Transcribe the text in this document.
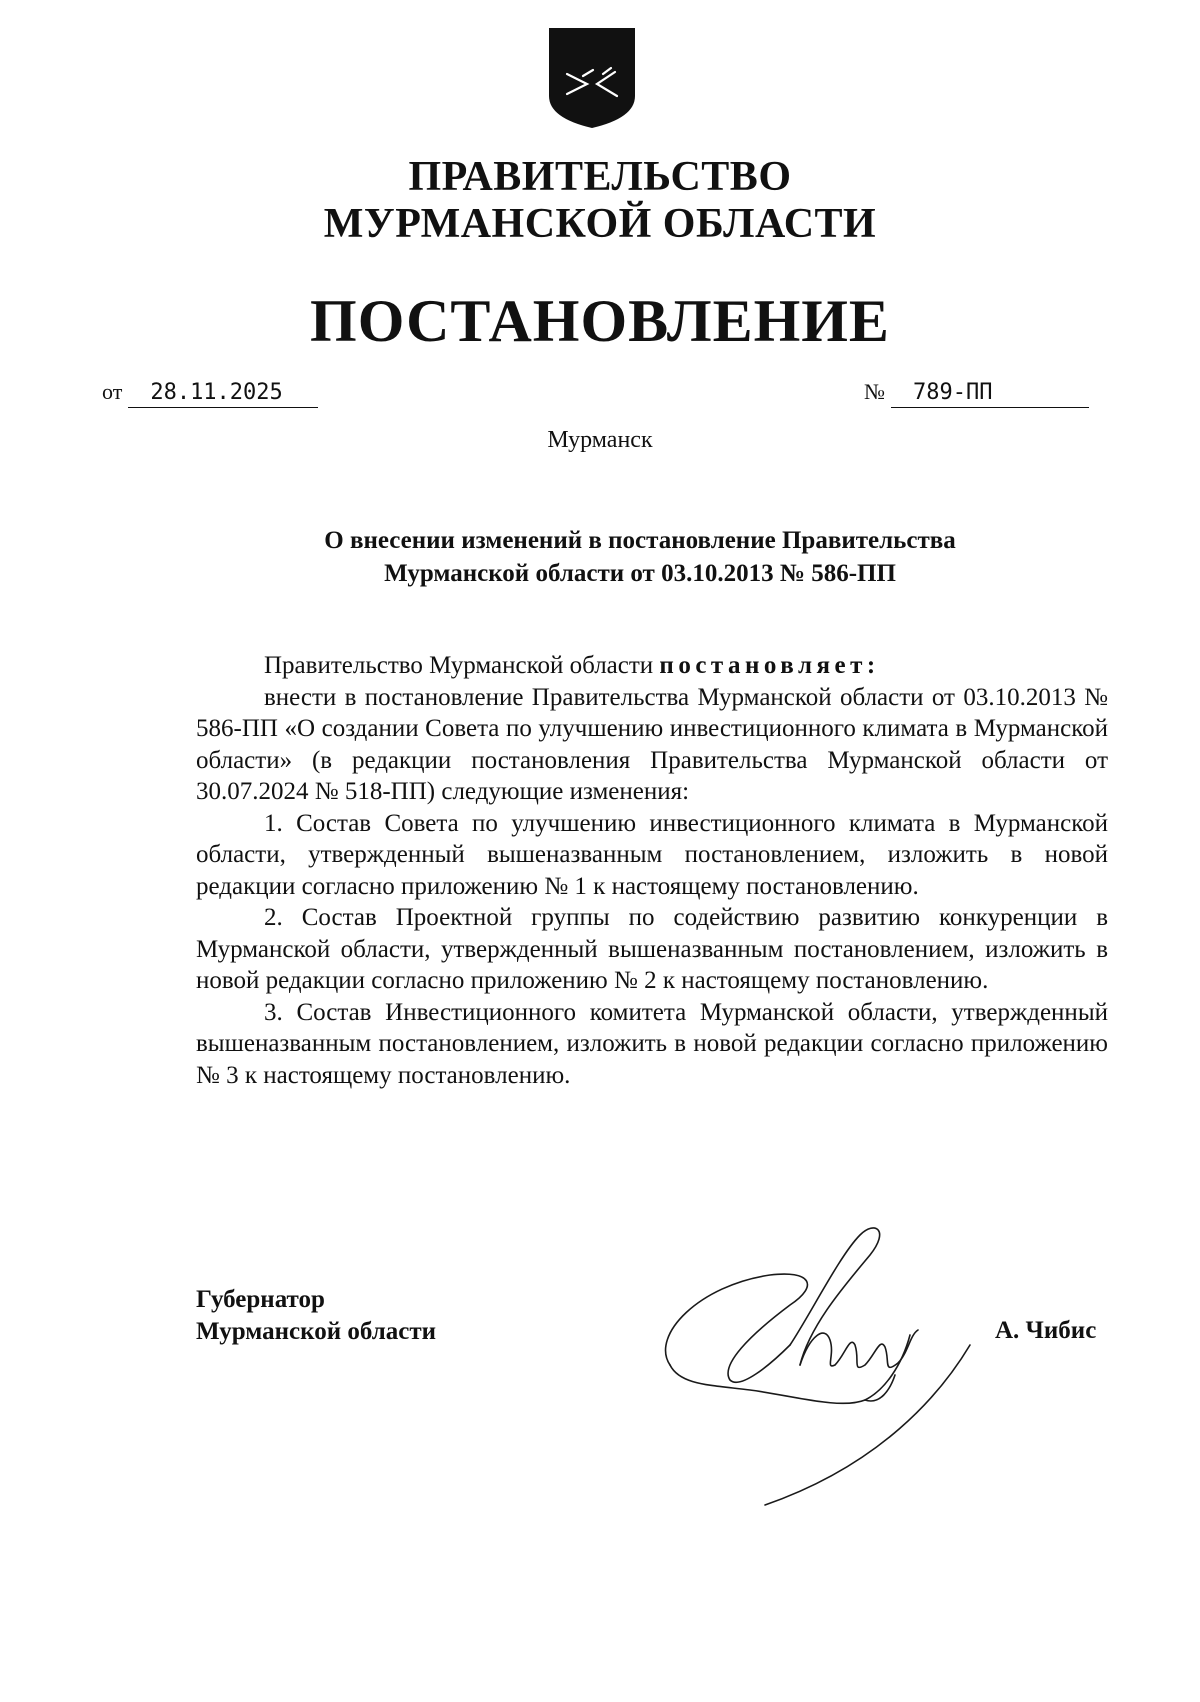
ПРАВИТЕЛЬСТВО
МУРМАНСКОЙ ОБЛАСТИ
ПОСТАНОВЛЕНИЕ
от	28.11.2025	№	789-ПП
Мурманск
О внесении изменений в постановление Правительства
Мурманской области от 03.10.2013 № 586-ПП

Правительство Мурманской области постановляет:

внести в постановление Правительства Мурманской области от 03.10.2013 № 586-ПП «О создании Совета по улучшению инвестиционного климата в Мурманской области» (в редакции постановления Правительства Мурманской области от 30.07.2024 № 518-ПП) следующие изменения:

1. Состав Совета по улучшению инвестиционного климата в Мурманской области, утвержденный вышеназванным постановлением, изложить в новой редакции согласно приложению № 1 к настоящему постановлению.

2. Состав Проектной группы по содействию развитию конкуренции в Мурманской области, утвержденный вышеназванным постановлением, изложить в новой редакции согласно приложению № 2 к настоящему постановлению.

3. Состав Инвестиционного комитета Мурманской области, утвержденный вышеназванным постановлением, изложить в новой редакции согласно приложению № 3 к настоящему постановлению.

Губернатор
Мурманской области	А. Чибис
